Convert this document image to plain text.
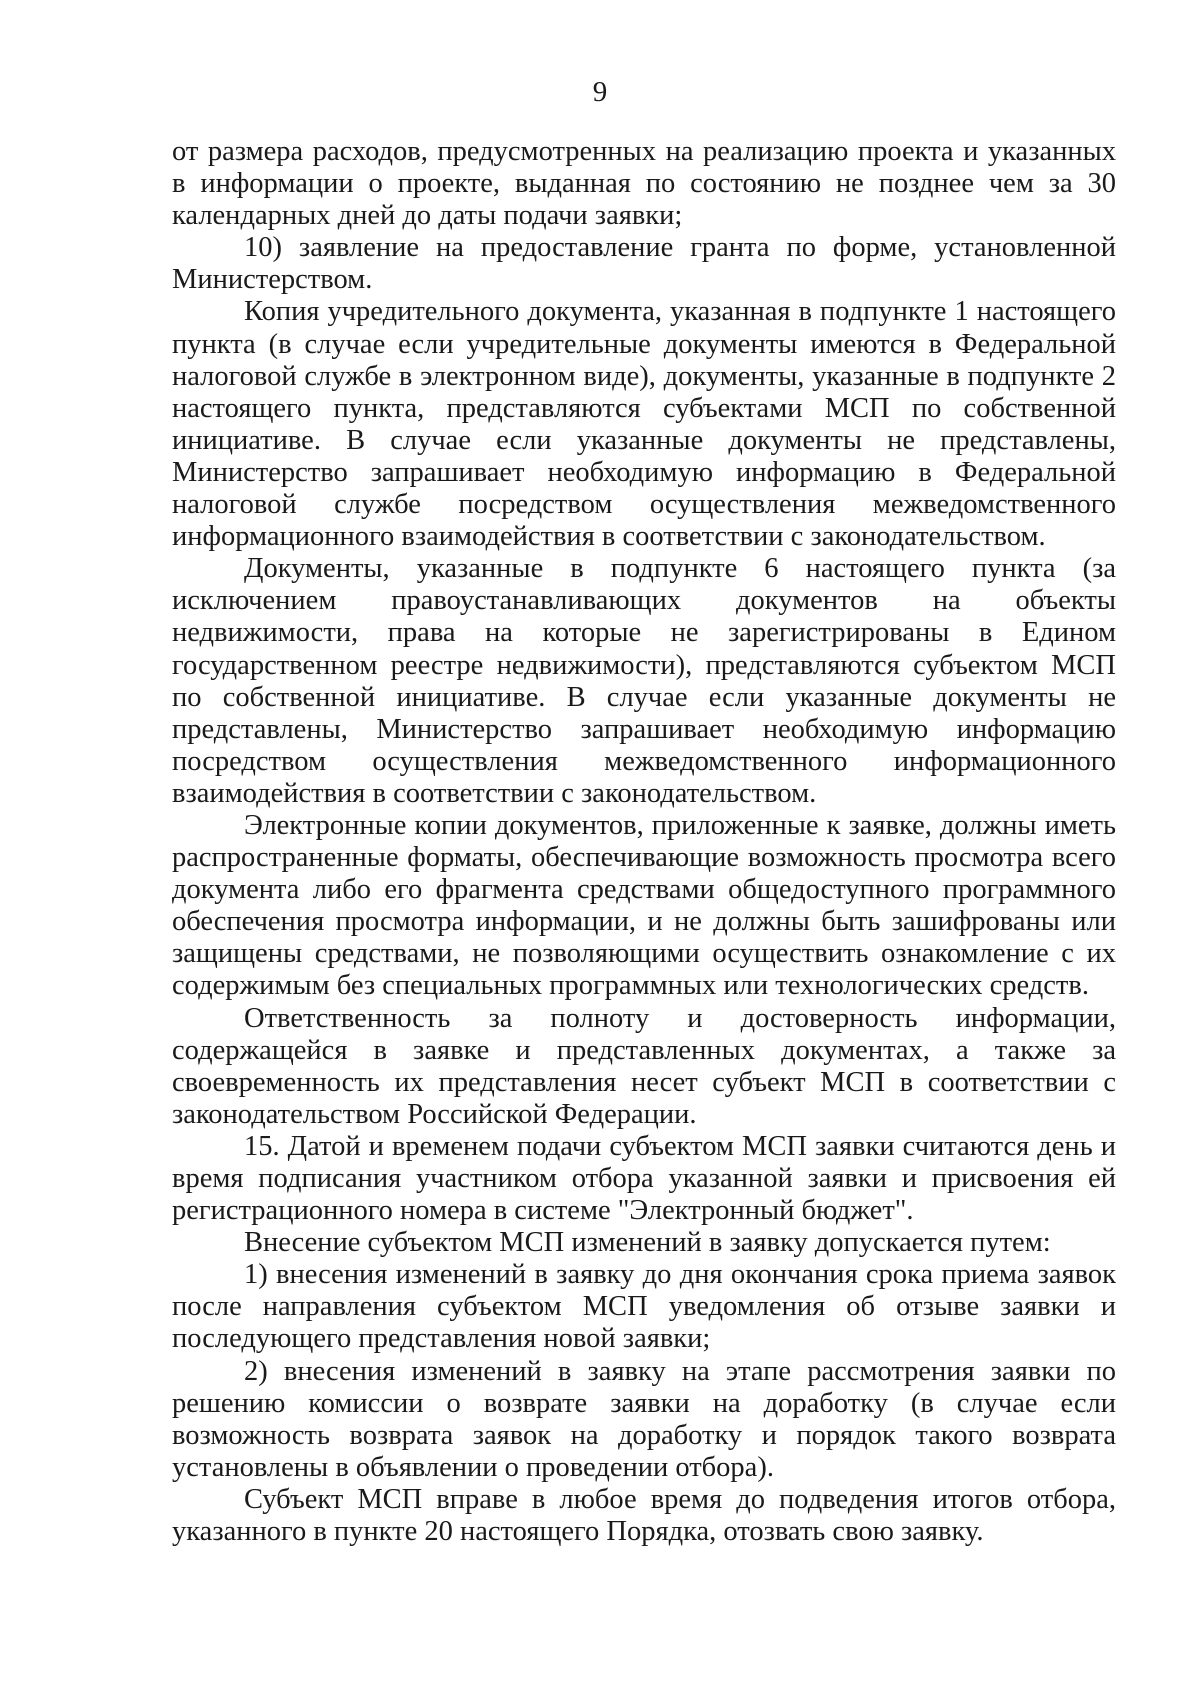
9

от размера расходов, предусмотренных на реализацию проекта и указанных в информации о проекте, выданная по состоянию не позднее чем за 30 календарных дней до даты подачи заявки;

10) заявление на предоставление гранта по форме, установленной Министерством.

Копия учредительного документа, указанная в подпункте 1 настоящего пункта (в случае если учредительные документы имеются в Федеральной налоговой службе в электронном виде), документы, указанные в подпункте 2 настоящего пункта, представляются субъектами МСП по собственной инициативе. В случае если указанные документы не представлены, Министерство запрашивает необходимую информацию в Федеральной налоговой службе посредством осуществления межведомственного информационного взаимодействия в соответствии с законодательством.

Документы, указанные в подпункте 6 настоящего пункта (за исключением правоустанавливающих документов на объекты недвижимости, права на которые не зарегистрированы в Едином государственном реестре недвижимости), представляются субъектом МСП по собственной инициативе. В случае если указанные документы не представлены, Министерство запрашивает необходимую информацию посредством осуществления межведомственного информационного взаимодействия в соответствии с законодательством.

Электронные копии документов, приложенные к заявке, должны иметь распространенные форматы, обеспечивающие возможность просмотра всего документа либо его фрагмента средствами общедоступного программного обеспечения просмотра информации, и не должны быть зашифрованы или защищены средствами, не позволяющими осуществить ознакомление с их содержимым без специальных программных или технологических средств.

Ответственность за полноту и достоверность информации, содержащейся в заявке и представленных документах, а также за своевременность их представления несет субъект МСП в соответствии с законодательством Российской Федерации.

15. Датой и временем подачи субъектом МСП заявки считаются день и время подписания участником отбора указанной заявки и присвоения ей регистрационного номера в системе "Электронный бюджет".

Внесение субъектом МСП изменений в заявку допускается путем:

1) внесения изменений в заявку до дня окончания срока приема заявок после направления субъектом МСП уведомления об отзыве заявки и последующего представления новой заявки;

2) внесения изменений в заявку на этапе рассмотрения заявки по решению комиссии о возврате заявки на доработку (в случае если возможность возврата заявок на доработку и порядок такого возврата установлены в объявлении о проведении отбора).

Субъект МСП вправе в любое время до подведения итогов отбора, указанного в пункте 20 настоящего Порядка, отозвать свою заявку.
